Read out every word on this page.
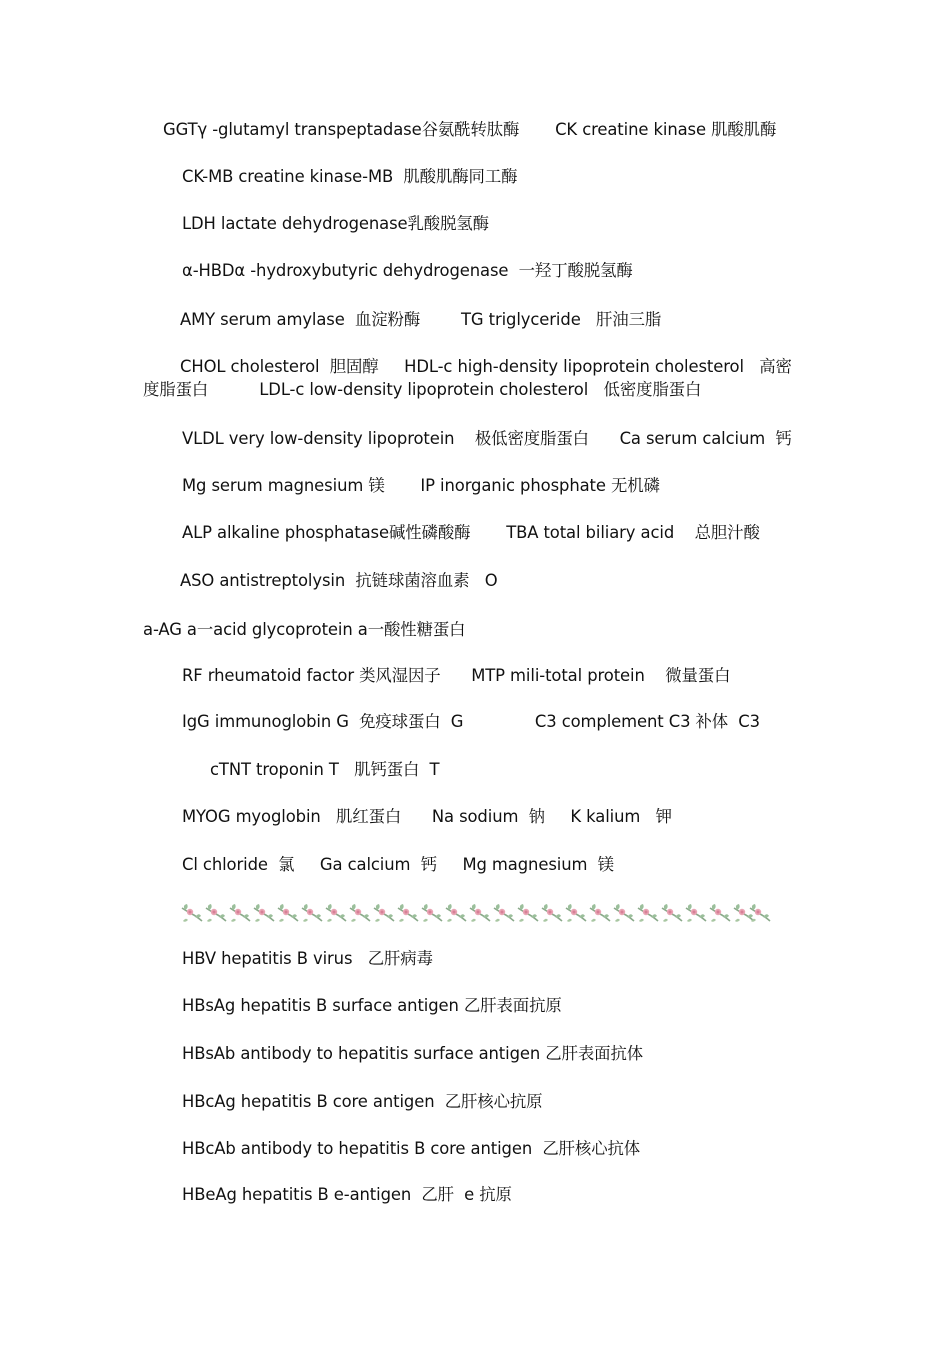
GGTγ -glutamyl transpeptadase谷氨酰转肽酶       CK creatine kinase 肌酸肌酶
CK-MB creatine kinase-MB  肌酸肌酶同工酶
LDH lactate dehydrogenase乳酸脱氢酶
α-HBDα -hydroxybutyric dehydrogenase  一羟丁酸脱氢酶
AMY serum amylase  血淀粉酶        TG triglyceride   肝油三脂
CHOL cholesterol  胆固醇     HDL-c high-density lipoprotein cholesterol   高密
度脂蛋白          LDL-c low-density lipoprotein cholesterol   低密度脂蛋白
VLDL very low-density lipoprotein    极低密度脂蛋白      Ca serum calcium  钙
Mg serum magnesium 镁       IP inorganic phosphate 无机磷
ALP alkaline phosphatase碱性磷酸酶       TBA total biliary acid    总胆汁酸
ASO antistreptolysin  抗链球菌溶血素   O
a-AG a一acid glycoprotein a一酸性糖蛋白
RF rheumatoid factor 类风湿因子      MTP mili-total protein    微量蛋白
IgG immunoglobin G  免疫球蛋白  G              C3 complement C3 补体  C3
cTNT troponin T   肌钙蛋白  T
MYOG myoglobin   肌红蛋白      Na sodium  钠     K kalium   钾
Cl chloride  氯     Ga calcium  钙     Mg magnesium  镁
HBV hepatitis B virus   乙肝病毒
HBsAg hepatitis B surface antigen 乙肝表面抗原
HBsAb antibody to hepatitis surface antigen 乙肝表面抗体
HBcAg hepatitis B core antigen  乙肝核心抗原
HBcAb antibody to hepatitis B core antigen  乙肝核心抗体
HBeAg hepatitis B e-antigen  乙肝  e 抗原
